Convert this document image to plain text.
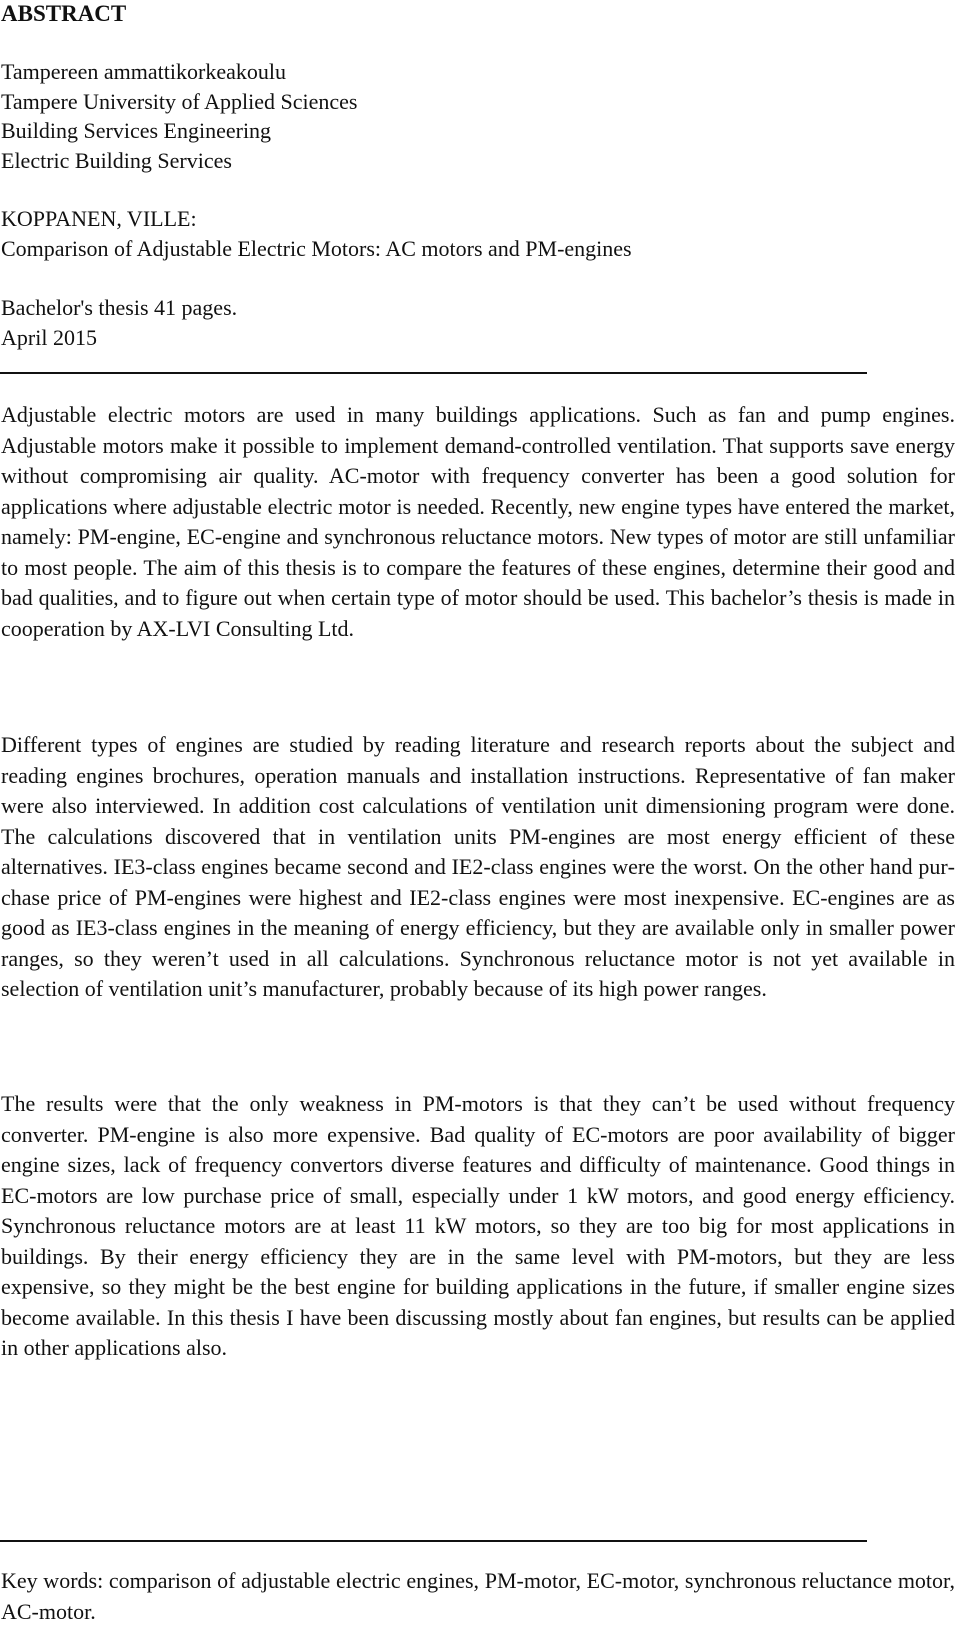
ABSTRACT
Tampereen ammattikorkeakoulu
Tampere University of Applied Sciences
Building Services Engineering
Electric Building Services
KOPPANEN, VILLE:
Comparison of Adjustable Electric Motors: AC motors and PM-engines
Bachelor's thesis 41 pages.
April 2015

Adjustable electric motors are used in many buildings applications. Such as fan and pump engines. Adjustable motors make it possible to implement demand-controlled ventilation. That supports save energy without compromising air quality. AC-motor with frequency converter has been a good solution for applications where adjustable electric motor is needed. Recently, new engine types have entered the market, namely: PM-engine, EC-engine and synchronous reluctance motors. New types of motor are still unfamiliar to most people. The aim of this thesis is to compare the features of these engines, determine their good and bad qualities, and to figure out when certain type of motor should be used. This bachelor’s thesis is made in cooperation by AX-LVI Consulting Ltd.

Different types of engines are studied by reading literature and research reports about the subject and reading engines brochures, operation manuals and installation instructions. Representative of fan maker were also interviewed. In addition cost calculations of ventilation unit dimensioning program were done. The calculations discovered that in ventilation units PM-engines are most energy efficient of these alternatives. IE3-class engines became second and IE2-class engines were the worst. On the other hand purchase price of PM-engines were highest and IE2-class engines were most inexpensive. EC-engines are as good as IE3-class engines in the meaning of energy efficiency, but they are available only in smaller power ranges, so they weren’t used in all calculations. Synchronous reluctance motor is not yet available in selection of ventilation unit’s manufacturer, probably because of its high power ranges.

The results were that the only weakness in PM-motors is that they can’t be used without frequency converter. PM-engine is also more expensive. Bad quality of EC-motors are poor availability of bigger engine sizes, lack of frequency convertors diverse features and difficulty of maintenance. Good things in EC-motors are low purchase price of small, especially under 1 kW motors, and good energy efficiency. Synchronous reluctance motors are at least 11 kW motors, so they are too big for most applications in buildings. By their energy efficiency they are in the same level with PM-motors, but they are less expensive, so they might be the best engine for building applications in the future, if smaller engine sizes become available. In this thesis I have been discussing mostly about fan engines, but results can be applied in other applications also.

Key words: comparison of adjustable electric engines, PM-motor, EC-motor, synchronous reluctance motor, AC-motor.
